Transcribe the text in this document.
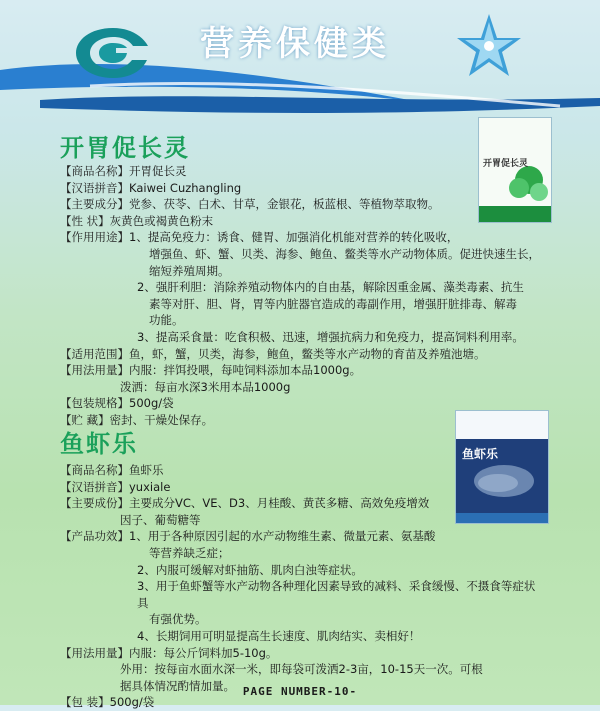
营养保健类
开胃促长灵
开胃促长灵
【商品名称】 开胃促长灵
【汉语拼音】 Kaiwei Cuzhangling
【主要成分】 党参、茯苓、白术、甘草，金银花，板蓝根、等植物萃取物。
【性 状】 灰黄色或褐黄色粉末
【作用用途】 1、提高免疫力：诱食、健胃、加强消化机能对营养的转化吸收，
增强鱼、虾、蟹、贝类、海参、鲍鱼、鳖类等水产动物体质。促进快速生长，
缩短养殖周期。
2、强肝利胆：消除养殖动物体内的自由基，解除因重金属、藻类毒素、抗生
素等对肝、胆、肾，胃等内脏器官造成的毒副作用，增强肝脏排毒、解毒
功能。
3、提高采食量：吃食积极、迅速，增强抗病力和免疫力，提高饲料利用率。
【适用范围】 鱼，虾，蟹，贝类，海参，鲍鱼，鳖类等水产动物的育苗及养殖池塘。
【用法用量】 内服：拌饵投喂，每吨饲料添加本品1000g。
泼洒：每亩水深3米用本品1000g
【包装规格】 500g/袋
【贮 藏】 密封、干燥处保存。
鱼虾乐	鱼虾乐
【商品名称】 鱼虾乐
【汉语拼音】 yuxiale
【主要成份】 主要成分VC、VE、D3、月桂酸、黄芪多糖、高效免疫增效
因子、葡萄糖等
【产品功效】 1、用于各种原因引起的水产动物维生素、微量元素、氨基酸
等营养缺乏症；
2、内服可缓解对虾抽筋、肌肉白浊等症状。
3、用于鱼虾蟹等水产动物各种理化因素导致的减料、采食缓慢、不摄食等症状具
有强优势。
4、长期饲用可明显提高生长速度、肌肉结实、卖相好！
【用法用量】 内服：每公斤饲料加5-10g。
外用：按每亩水面水深一米，即每袋可泼洒2-3亩，10-15天一次。可根
据具体情况酌情加量。
【包 装】 500g/袋
PAGE NUMBER-10-
